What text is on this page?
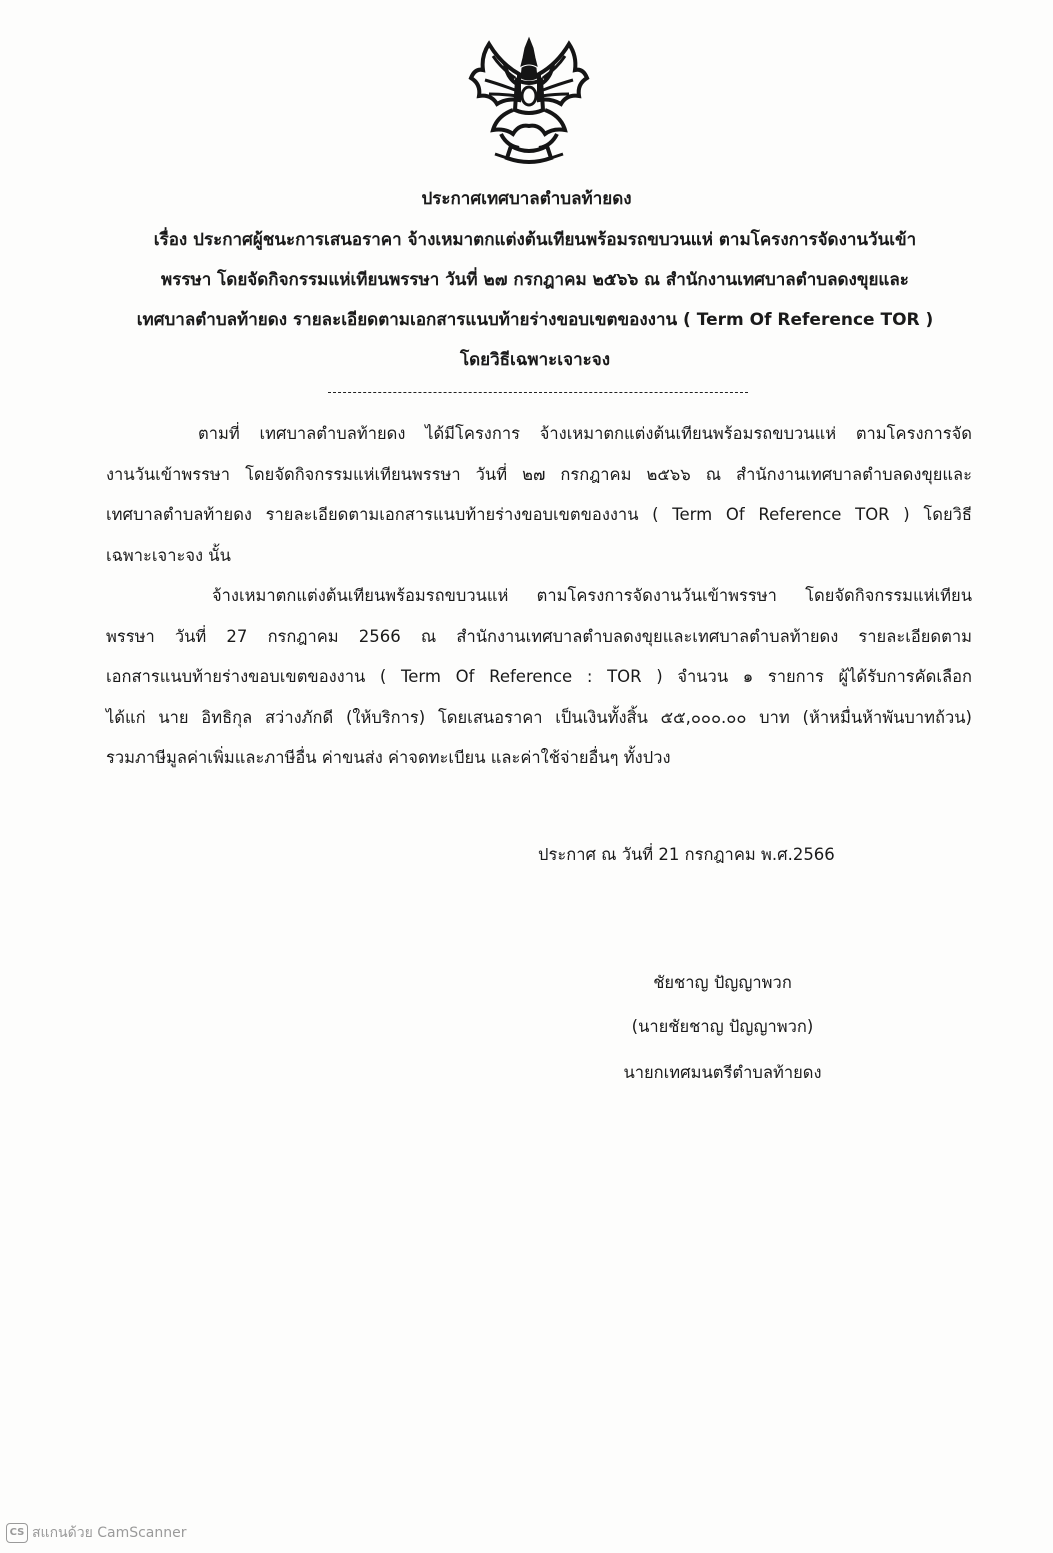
ประกาศเทศบาลตำบลท้ายดง
เรื่อง ประกาศผู้ชนะการเสนอราคา จ้างเหมาตกแต่งต้นเทียนพร้อมรถขบวนแห่ ตามโครงการจัดงานวันเข้า
พรรษา โดยจัดกิจกรรมแห่เทียนพรรษา วันที่ ๒๗ กรกฎาคม ๒๕๖๖ ณ สำนักงานเทศบาลตำบลดงขุยและ
เทศบาลตำบลท้ายดง รายละเอียดตามเอกสารแนบท้ายร่างขอบเขตของงาน ( Term Of Reference TOR )
โดยวิธีเฉพาะเจาะจง
ตามที่ เทศบาลตำบลท้ายดง ได้มีโครงการ จ้างเหมาตกแต่งต้นเทียนพร้อมรถขบวนแห่ ตามโครงการจัด
งานวันเข้าพรรษา โดยจัดกิจกรรมแห่เทียนพรรษา วันที่ ๒๗ กรกฎาคม ๒๕๖๖ ณ สำนักงานเทศบาลตำบลดงขุยและ
เทศบาลตำบลท้ายดง รายละเอียดตามเอกสารแนบท้ายร่างขอบเขตของงาน ( Term Of Reference TOR ) โดยวิธี
เฉพาะเจาะจง นั้น
จ้างเหมาตกแต่งต้นเทียนพร้อมรถขบวนแห่ ตามโครงการจัดงานวันเข้าพรรษา โดยจัดกิจกรรมแห่เทียน
พรรษา วันที่ 27 กรกฎาคม 2566 ณ สำนักงานเทศบาลตำบลดงขุยและเทศบาลตำบลท้ายดง รายละเอียดตาม
เอกสารแนบท้ายร่างขอบเขตของงาน ( Term Of Reference : TOR ) จำนวน ๑ รายการ ผู้ได้รับการคัดเลือก
ได้แก่ นาย อิทธิกุล สว่างภักดี (ให้บริการ) โดยเสนอราคา เป็นเงินทั้งสิ้น ๕๕,๐๐๐.๐๐ บาท (ห้าหมื่นห้าพันบาทถ้วน)
รวมภาษีมูลค่าเพิ่มและภาษีอื่น ค่าขนส่ง ค่าจดทะเบียน และค่าใช้จ่ายอื่นๆ ทั้งปวง
ประกาศ ณ วันที่ 21 กรกฎาคม พ.ศ.2566
ชัยชาญ ปัญญาพวก
(นายชัยชาญ ปัญญาพวก)
นายกเทศมนตรีตำบลท้ายดง
CS สแกนด้วย CamScanner
